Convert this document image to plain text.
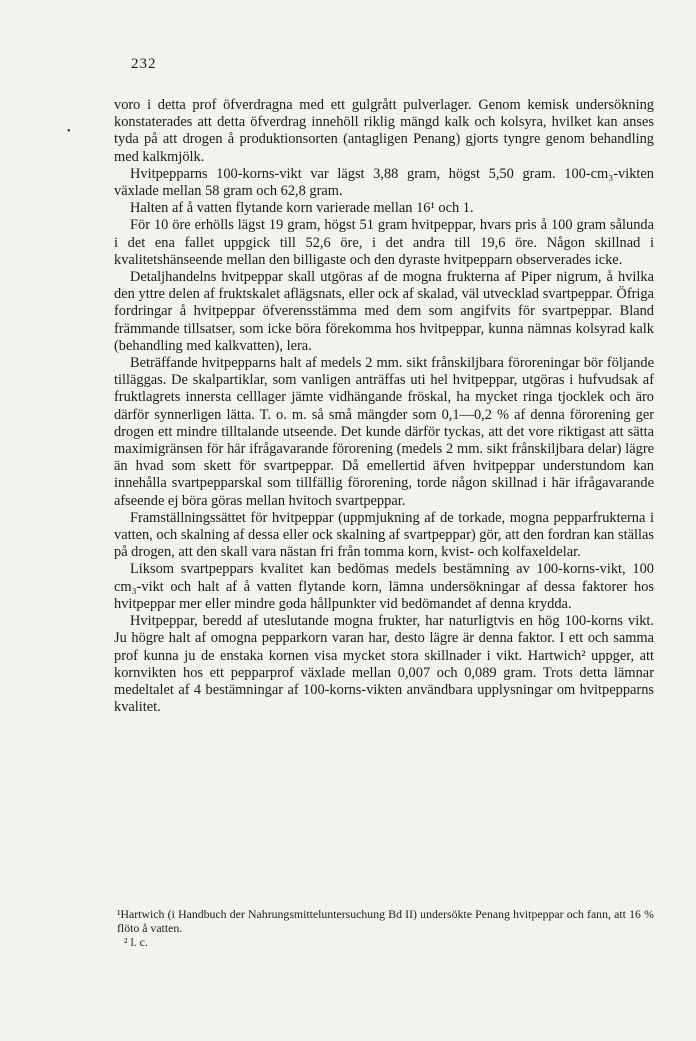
232
•

voro i detta prof öfverdragna med ett gulgrått pulverlager. Genom kemisk undersökning konstaterades att detta öfverdrag innehöll riklig mängd kalk och kolsyra, hvilket kan anses tyda på att drogen å produktionsorten (antagligen Penang) gjorts tyngre genom behandling med kalkmjölk.

Hvitpepparns 100-korns-vikt var lägst 3,88 gram, högst 5,50 gram. 100-cm₃-vikten växlade mellan 58 gram och 62,8 gram.

Halten af å vatten flytande korn varierade mellan 16¹ och 1.

För 10 öre erhölls lägst 19 gram, högst 51 gram hvitpeppar, hvars pris å 100 gram sålunda i det ena fallet uppgick till 52,6 öre, i det andra till 19,6 öre. Någon skillnad i kvalitetshänseende mellan den billigaste och den dyraste hvitpepparn observerades icke.

Detaljhandelns hvitpeppar skall utgöras af de mogna frukterna af Piper nigrum, å hvilka den yttre delen af fruktskalet aflägsnats, eller ock af skalad, väl utvecklad svartpeppar. Öfriga fordringar å hvitpeppar öfverensstämma med dem som angifvits för svartpeppar. Bland främmande tillsatser, som icke böra förekomma hos hvitpeppar, kunna nämnas kolsyrad kalk (behandling med kalkvatten), lera.

Beträffande hvitpepparns halt af medels 2 mm. sikt frånskiljbara föroreningar bör följande tilläggas. De skalpartiklar, som vanligen anträffas uti hel hvitpeppar, utgöras i hufvudsak af fruktlagrets innersta celllager jämte vidhängande fröskal, ha mycket ringa tjocklek och äro därför synnerligen lätta. T. o. m. så små mängder som 0,1—0,2 % af denna förorening ger drogen ett mindre tilltalande utseende. Det kunde därför tyckas, att det vore riktigast att sätta maximigränsen för här ifrågavarande förorening (medels 2 mm. sikt frånskiljbara delar) lägre än hvad som skett för svartpeppar. Då emellertid äfven hvitpeppar understundom kan innehålla svartpepparskal som tillfällig förorening, torde någon skillnad i här ifrågavarande afseende ej böra göras mellan hvitoch svartpeppar.

Framställningssättet för hvitpeppar (uppmjukning af de torkade, mogna pepparfrukterna i vatten, och skalning af dessa eller ock skalning af svartpeppar) gör, att den fordran kan ställas på drogen, att den skall vara nästan fri från tomma korn, kvist- och kolfaxeldelar.

Liksom svartpeppars kvalitet kan bedömas medels bestämning av 100-korns-vikt, 100 cm₃-vikt och halt af å vatten flytande korn, lämna undersökningar af dessa faktorer hos hvitpeppar mer eller mindre goda hållpunkter vid bedömandet af denna krydda.

Hvitpeppar, beredd af uteslutande mogna frukter, har naturligtvis en hög 100-korns vikt. Ju högre halt af omogna pepparkorn varan har, desto lägre är denna faktor. I ett och samma prof kunna ju de enstaka kornen visa mycket stora skillnader i vikt. Hartwich² uppger, att kornvikten hos ett pepparprof växlade mellan 0,007 och 0,089 gram. Trots detta lämnar medeltalet af 4 bestämningar af 100-korns-vikten användbara upplysningar om hvitpepparns kvalitet.

¹Hartwich (i Handbuch der Nahrungsmitteluntersuchung Bd II) undersökte Penang hvitpeppar och fann, att 16 % flöto å vatten.

² l. c.
